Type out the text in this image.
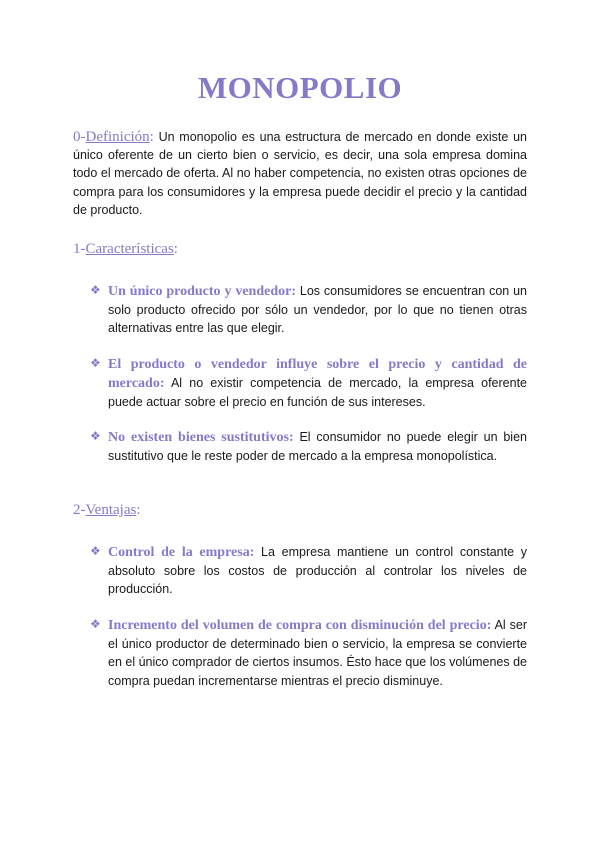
MONOPOLIO

0-Definición: Un monopolio es una estructura de mercado en donde existe un único oferente de un cierto bien o servicio, es decir, una sola empresa domina todo el mercado de oferta. Al no haber competencia, no existen otras opciones de compra para los consumidores y la empresa puede decidir el precio y la cantidad de producto.

1-Características:
❖ Un único producto y vendedor: Los consumidores se encuentran con un solo producto ofrecido por sólo un vendedor, por lo que no tienen otras alternativas entre las que elegir.

❖ El producto o vendedor influye sobre el precio y cantidad de mercado: Al no existir competencia de mercado, la empresa oferente puede actuar sobre el precio en función de sus intereses.

❖ No existen bienes sustitutivos: El consumidor no puede elegir un bien sustitutivo que le reste poder de mercado a la empresa monopolística.

2-Ventajas:
❖ Control de la empresa: La empresa mantiene un control constante y absoluto sobre los costos de producción al controlar los niveles de producción.

❖ Incremento del volumen de compra con disminución del precio: Al ser el único productor de determinado bien o servicio, la empresa se convierte en el único comprador de ciertos insumos. Ésto hace que los volúmenes de compra puedan incrementarse mientras el precio disminuye.
